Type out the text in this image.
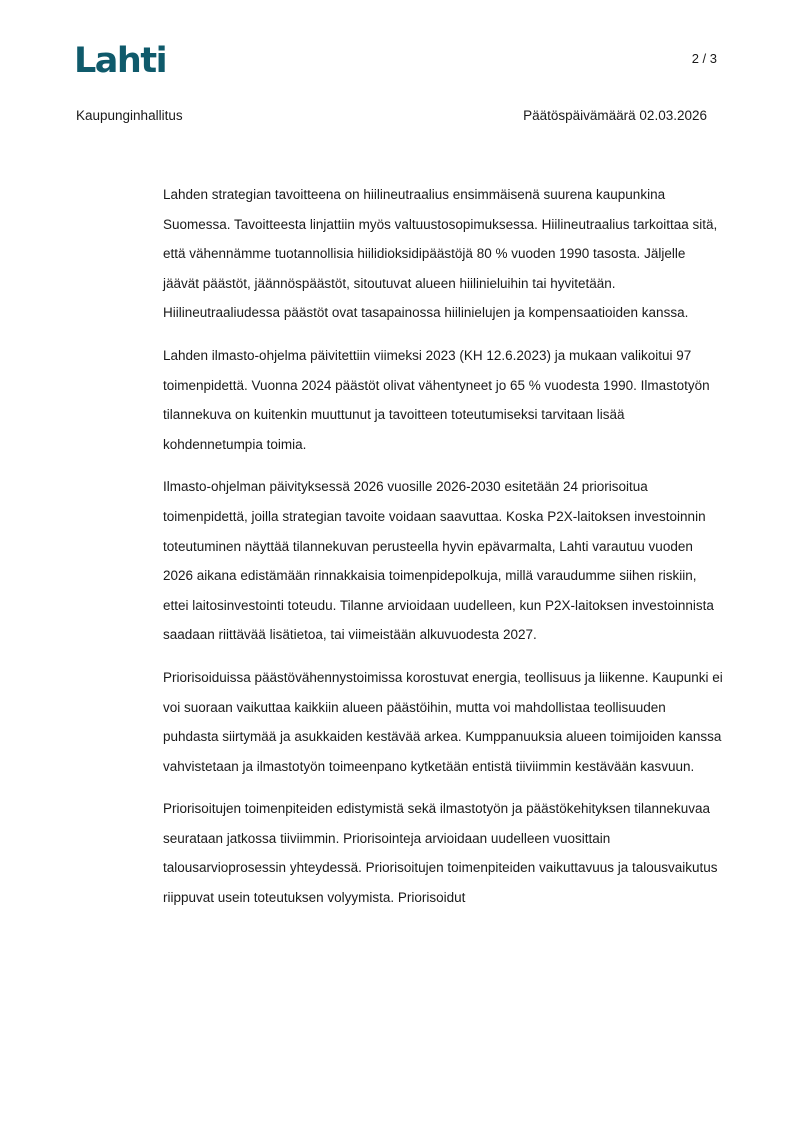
Lahti	2 / 3
Kaupunginhallitus	Päätöspäivämäärä 02.03.2026

Lahden strategian tavoitteena on hiilineutraalius ensimmäisenä suurena kaupunkina Suomessa. Tavoitteesta linjattiin myös valtuustosopimuksessa. Hiilineutraalius tarkoittaa sitä, että vähennämme tuotannollisia hiilidioksidipäästöjä 80 % vuoden 1990 tasosta. Jäljelle jäävät päästöt, jäännöspäästöt, sitoutuvat alueen hiilinieluihin tai hyvitetään. Hiilineutraaliudessa päästöt ovat tasapainossa hiilinielujen ja kompensaatioiden kanssa.

Lahden ilmasto-ohjelma päivitettiin viimeksi 2023 (KH 12.6.2023) ja mukaan valikoitui 97 toimenpidettä. Vuonna 2024 päästöt olivat vähentyneet jo 65 % vuodesta 1990. Ilmastotyön tilannekuva on kuitenkin muuttunut ja tavoitteen toteutumiseksi tarvitaan lisää kohdennetumpia toimia.

Ilmasto-ohjelman päivityksessä 2026 vuosille 2026-2030 esitetään 24 priorisoitua toimenpidettä, joilla strategian tavoite voidaan saavuttaa. Koska P2X-laitoksen investoinnin toteutuminen näyttää tilannekuvan perusteella hyvin epävarmalta, Lahti varautuu vuoden 2026 aikana edistämään rinnakkaisia toimenpidepolkuja, millä varaudumme siihen riskiin, ettei laitosinvestointi toteudu. Tilanne arvioidaan uudelleen, kun P2X-laitoksen investoinnista saadaan riittävää lisätietoa, tai viimeistään alkuvuodesta 2027.

Priorisoiduissa päästövähennystoimissa korostuvat energia, teollisuus ja liikenne. Kaupunki ei voi suoraan vaikuttaa kaikkiin alueen päästöihin, mutta voi mahdollistaa teollisuuden puhdasta siirtymää ja asukkaiden kestävää arkea. Kumppanuuksia alueen toimijoiden kanssa vahvistetaan ja ilmastotyön toimeenpano kytketään entistä tiiviimmin kestävään kasvuun.

Priorisoitujen toimenpiteiden edistymistä sekä ilmastotyön ja päästökehityksen tilannekuvaa seurataan jatkossa tiiviimmin. Priorisointeja arvioidaan uudelleen vuosittain talousarvioprosessin yhteydessä. Priorisoitujen toimenpiteiden vaikuttavuus ja talousvaikutus riippuvat usein toteutuksen volyymista. Priorisoidut
